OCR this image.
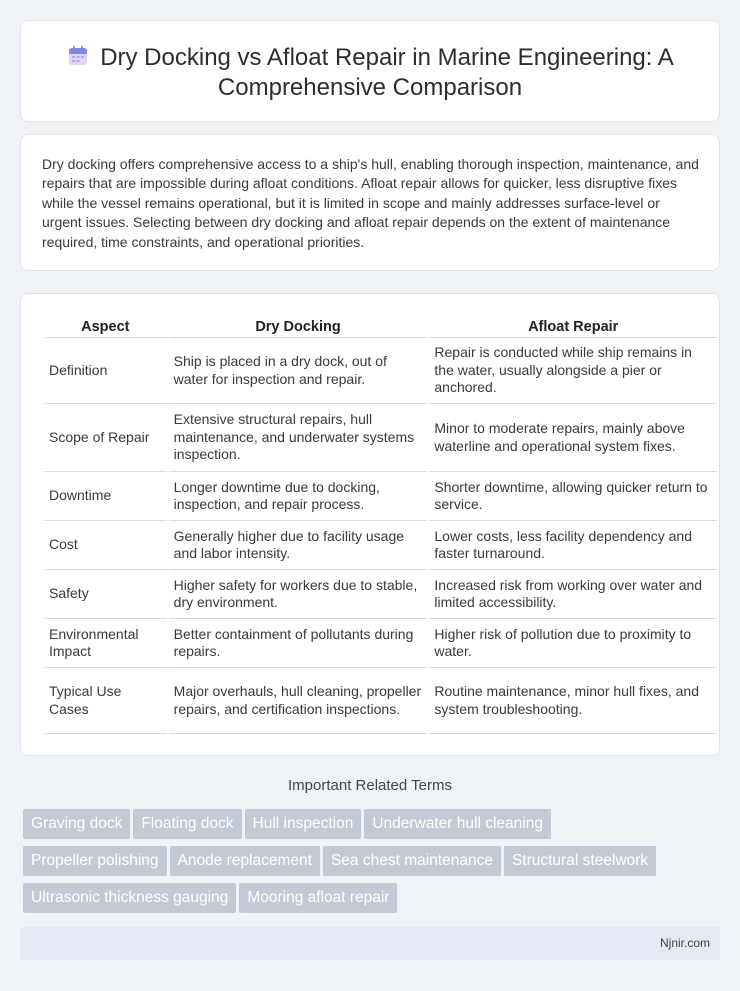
Dry Docking vs Afloat Repair in Marine Engineering: A Comprehensive Comparison

Dry docking offers comprehensive access to a ship's hull, enabling thorough inspection, maintenance, and repairs that are impossible during afloat conditions. Afloat repair allows for quicker, less disruptive fixes while the vessel remains operational, but it is limited in scope and mainly addresses surface-level or urgent issues. Selecting between dry docking and afloat repair depends on the extent of maintenance required, time constraints, and operational priorities.

Aspect	Dry Docking	Afloat Repair
Definition	Ship is placed in a dry dock, out of water for inspection and repair.	Repair is conducted while ship remains in the water, usually alongside a pier or anchored.
Scope of Repair	Extensive structural repairs, hull maintenance, and underwater systems inspection.	Minor to moderate repairs, mainly above waterline and operational system fixes.
Downtime	Longer downtime due to docking, inspection, and repair process.	Shorter downtime, allowing quicker return to service.
Cost	Generally higher due to facility usage and labor intensity.	Lower costs, less facility dependency and faster turnaround.
Safety	Higher safety for workers due to stable, dry environment.	Increased risk from working over water and limited accessibility.
Environmental Impact	Better containment of pollutants during repairs.	Higher risk of pollution due to proximity to water.
Typical Use Cases	Major overhauls, hull cleaning, propeller repairs, and certification inspections.	Routine maintenance, minor hull fixes, and system troubleshooting.
Important Related Terms
Graving dock Floating dock Hull inspection Underwater hull cleaning
Propeller polishing Anode replacement Sea chest maintenance Structural steelwork
Ultrasonic thickness gauging Mooring afloat repair
Njnir.com
